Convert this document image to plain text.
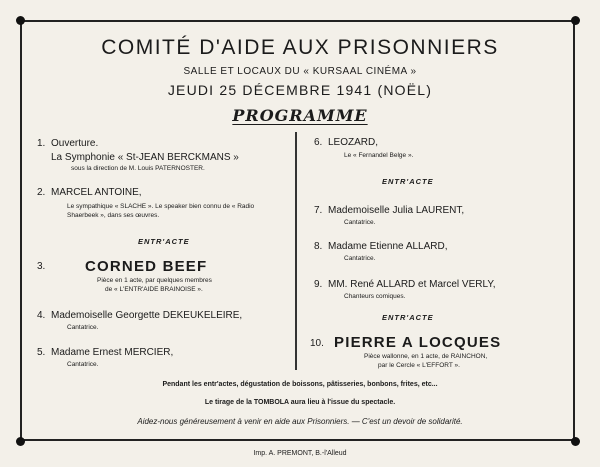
COMITÉ D'AIDE AUX PRISONNIERS
SALLE ET LOCAUX DU « KURSAAL CINÉMA »
JEUDI 25 DÉCEMBRE 1941 (NOËL)
PROGRAMME
1. Ouverture.
La Symphonie « St-JEAN BERCKMANS »
sous la direction de M. Louis PATERNOSTER.
2. MARCEL ANTOINE,
Le sympathique « SLACHE ». Le speaker bien connu de « Radio
Shaerbeek », dans ses œuvres.
ENTR'ACTE
3.	CORNED BEEF
Pièce en 1 acte, par quelques membres
de « L'ENTR'AIDE BRAINOISE ».
4. Mademoiselle Georgette DEKEUKELEIRE,
Cantatrice.
5. Madame Ernest MERCIER,
Cantatrice.
6. LEOZARD,
Le « Fernandel Belge ».
ENTR'ACTE
7. Mademoiselle Julia LAURENT,
Cantatrice.
8. Madame Etienne ALLARD,
Cantatrice.
9. MM. René ALLARD et Marcel VERLY,
Chanteurs comiques.
ENTR'ACTE
10. PIERRE A LOCQUES
Pièce wallonne, en 1 acte, de RAINCHON,
par le Cercle « L'EFFORT ».
Pendant les entr'actes, dégustation de boissons, pâtisseries, bonbons, frites, etc...
Le tirage de la TOMBOLA aura lieu à l'issue du spectacle.
Aidez-nous généreusement à venir en aide aux Prisonniers. — C'est un devoir de solidarité.
Imp. A. PREMONT, B.-l'Alleud
